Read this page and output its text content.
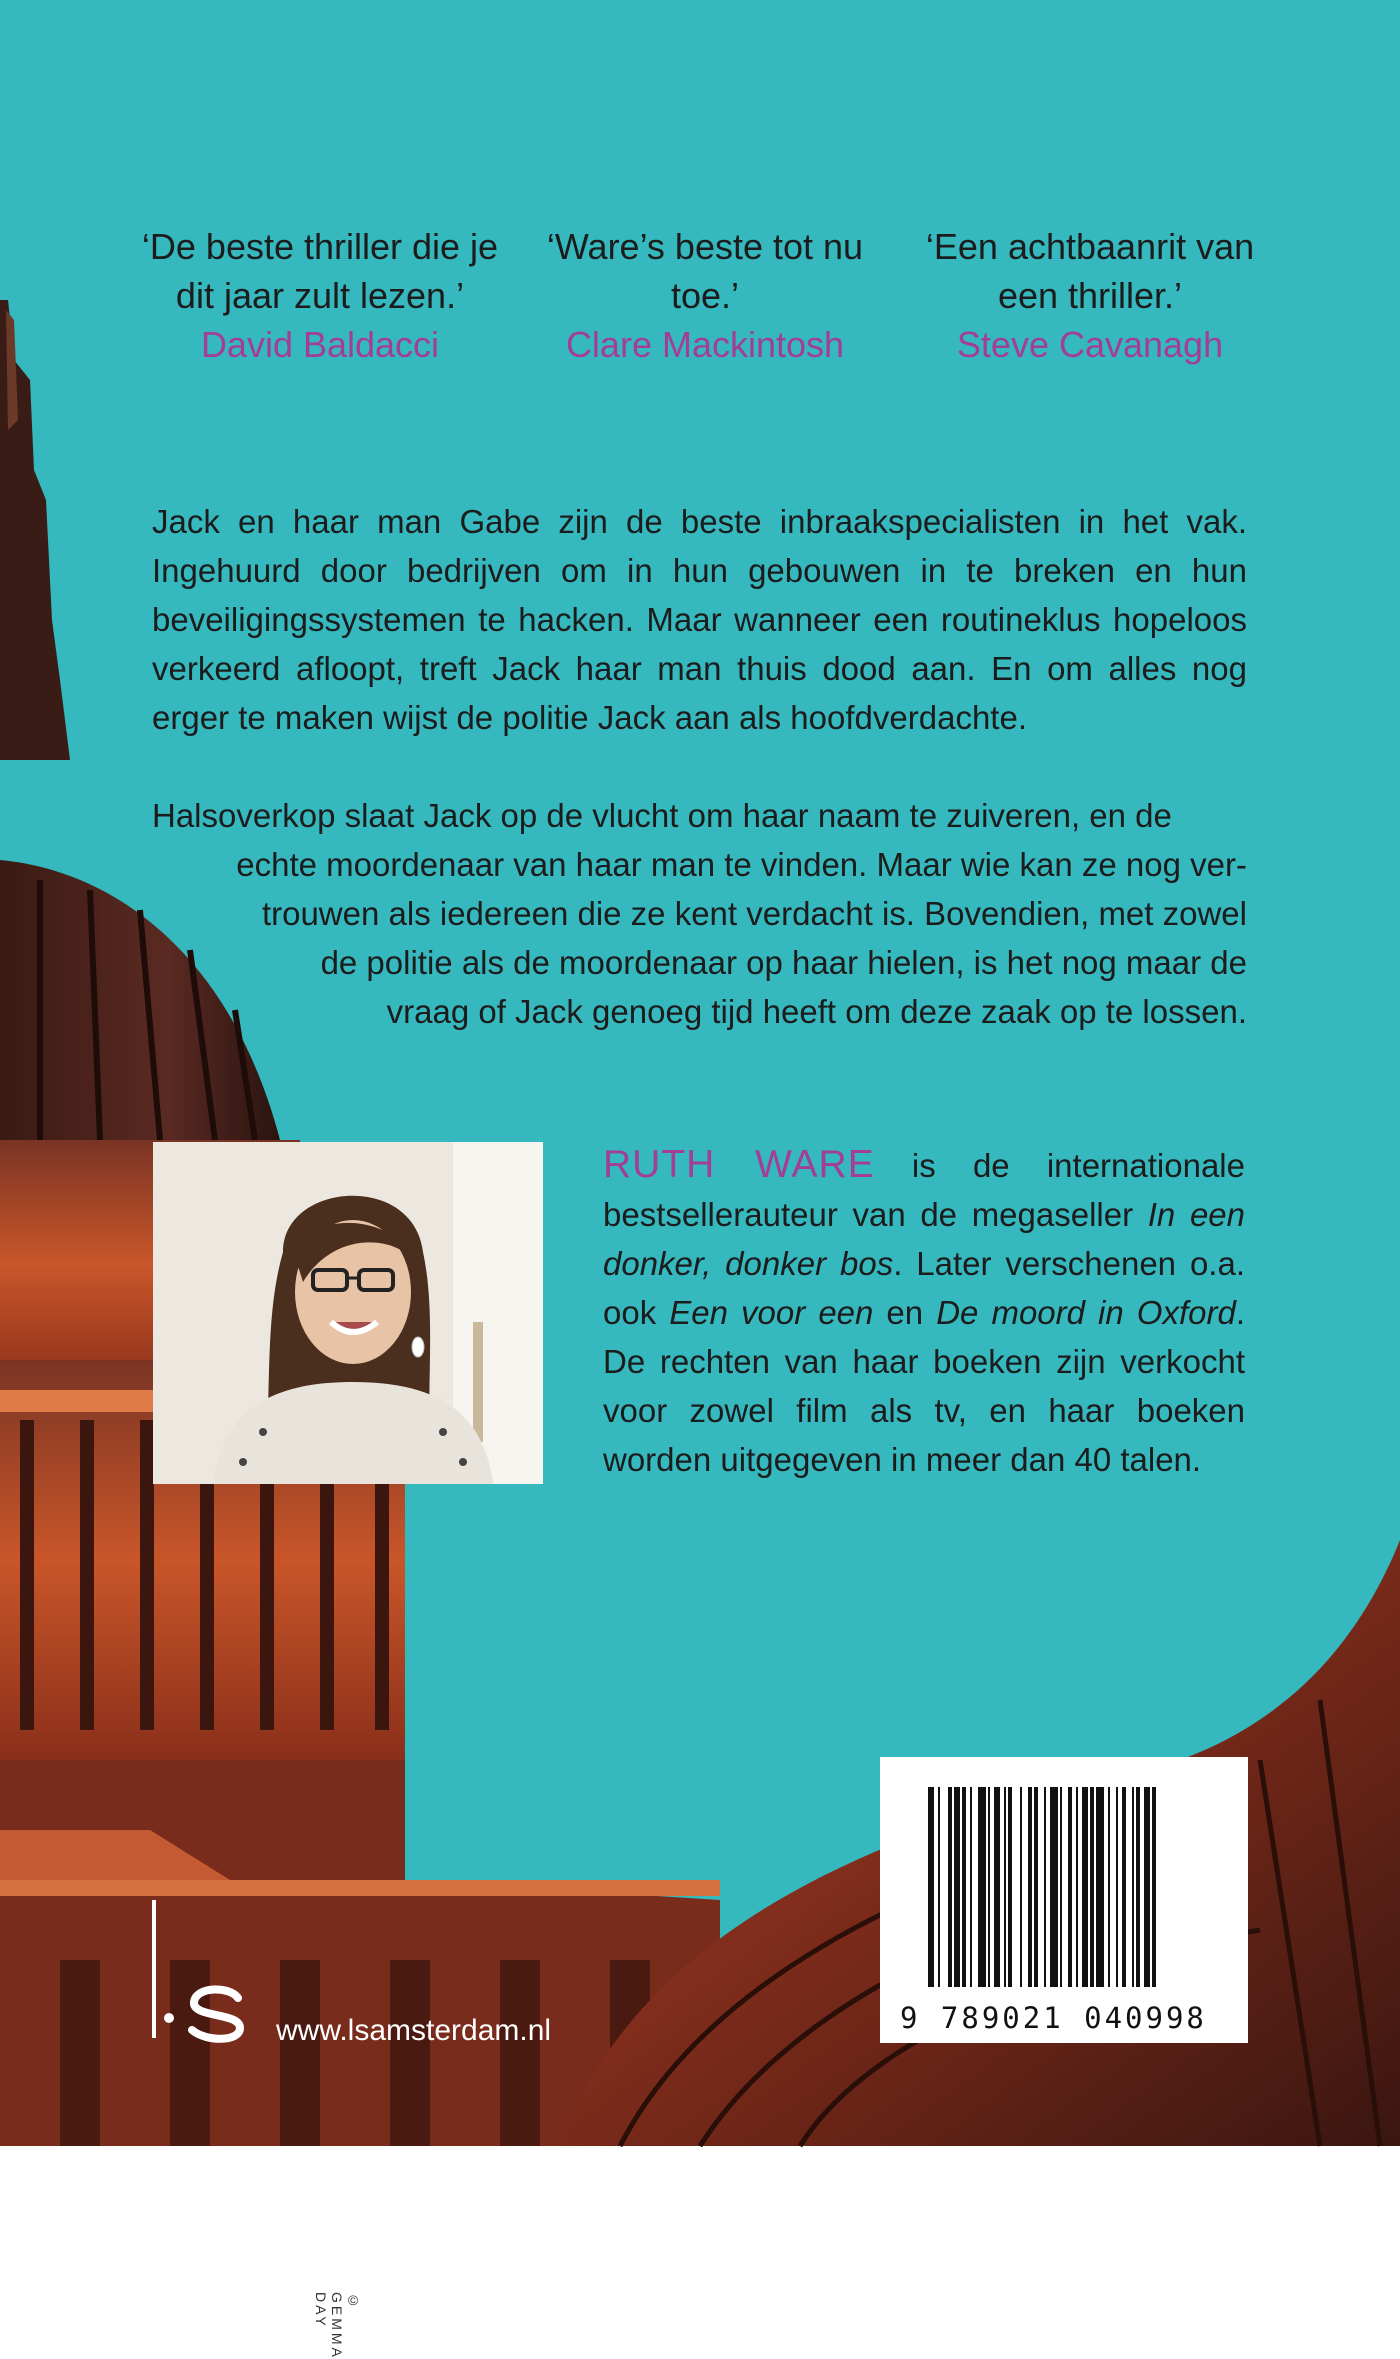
‘De beste thriller die je dit jaar zult lezen.’
David Baldacci
‘Ware’s beste tot nu toe.’
Clare Mackintosh
‘Een achtbaanrit van een thriller.’
Steve Cavanagh

Jack en haar man Gabe zijn de beste inbraakspecialisten in het vak. Ingehuurd door bedrijven om in hun gebouwen in te breken en hun beveiligingssystemen te hacken. Maar wanneer een routineklus hopeloos verkeerd afloopt, treft Jack haar man thuis dood aan. En om alles nog erger te maken wijst de politie Jack aan als hoofdverdachte.

Halsoverkop slaat Jack op de vlucht om haar naam te zuiveren, en de
echte moordenaar van haar man te vinden. Maar wie kan ze nog ver-
trouwen als iedereen die ze kent verdacht is. Bovendien, met zowel
de politie als de moordenaar op haar hielen, is het nog maar de
vraag of Jack genoeg tijd heeft om deze zaak op te lossen.

© GEMMA DAY

RUTH WARE is de internationale bestsellerauteur van de megaseller In een donker, donker bos. Later verschenen o.a. ook Een voor een en De moord in Oxford. De rechten van haar boeken zijn verkocht voor zowel film als tv, en haar boeken worden uitgegeven in meer dan 40 talen.

9 789021 040998
www.lsamsterdam.nl
